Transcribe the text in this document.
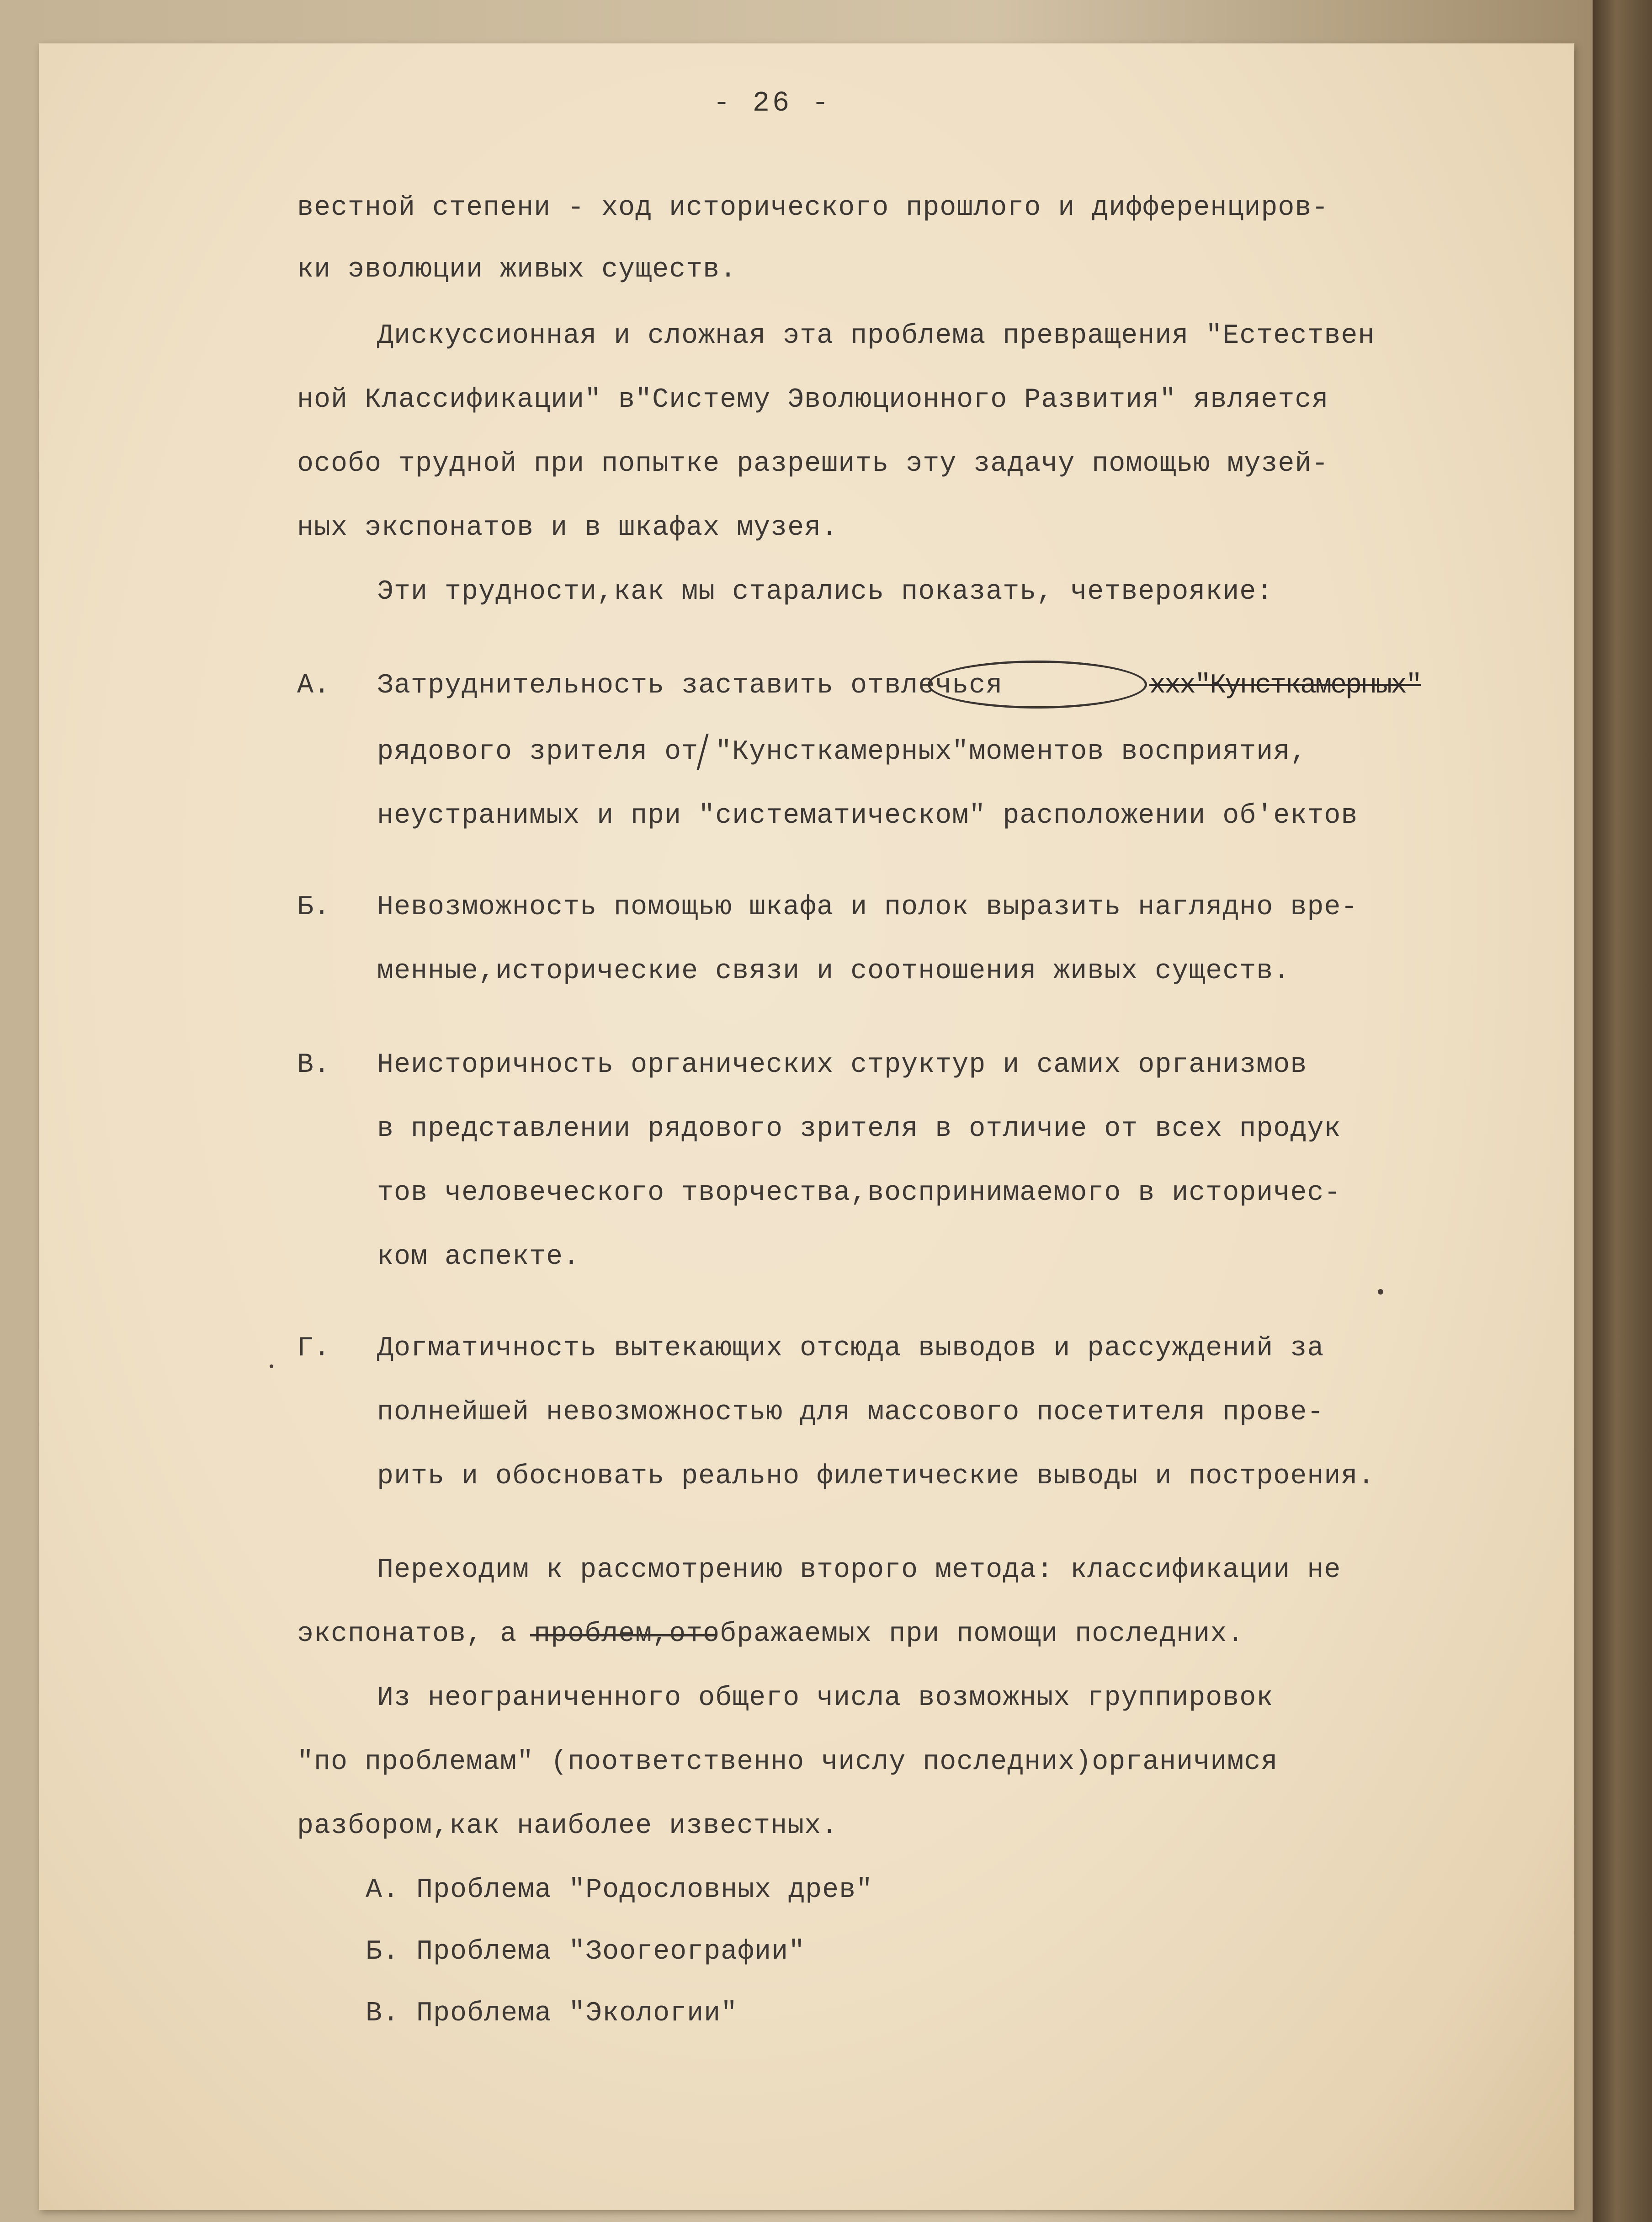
- 26 -
вестной степени - ход исторического прошлого и дифференциров-
ки эволюции живых существ.
Дискуссионная и сложная эта проблема превращения "Естествен
ной Классификации" в"Систему Эволюционного Развития" является
особо трудной при попытке разрешить эту задачу помощью музей-
ных экспонатов и в шкафах музея.
Эти трудности,как мы старались показать, четвероякие:
А. Затруднительность заставить отвлечься	ххх"Кунсткамерных"
рядового зрителя от "Кунсткамерных"моментов восприятия,
неустранимых и при "систематическом" расположении об'ектов
Б. Невозможность помощью шкафа и полок выразить наглядно вре-
менные,исторические связи и соотношения живых существ.
В. Неисторичность органических структур и самих организмов
в представлении рядового зрителя в отличие от всех продук
тов человеческого творчества,воспринимаемого в историчес-
ком аспекте.
Г. Догматичность вытекающих отсюда выводов и рассуждений за
полнейшей невозможностью для массового посетителя прове-
рить и обосновать реально филетические выводы и построения.
Переходим к рассмотрению второго метода: классификации не
экспонатов, а проблем,отображаемых при помощи последних.
Из неограниченного общего числа возможных группировок
"по проблемам" (поответственно числу последних)органичимся
разбором,как наиболее известных.
А. Проблема "Родословных древ"
Б. Проблема "Зоогеографии"
В. Проблема "Экологии"
